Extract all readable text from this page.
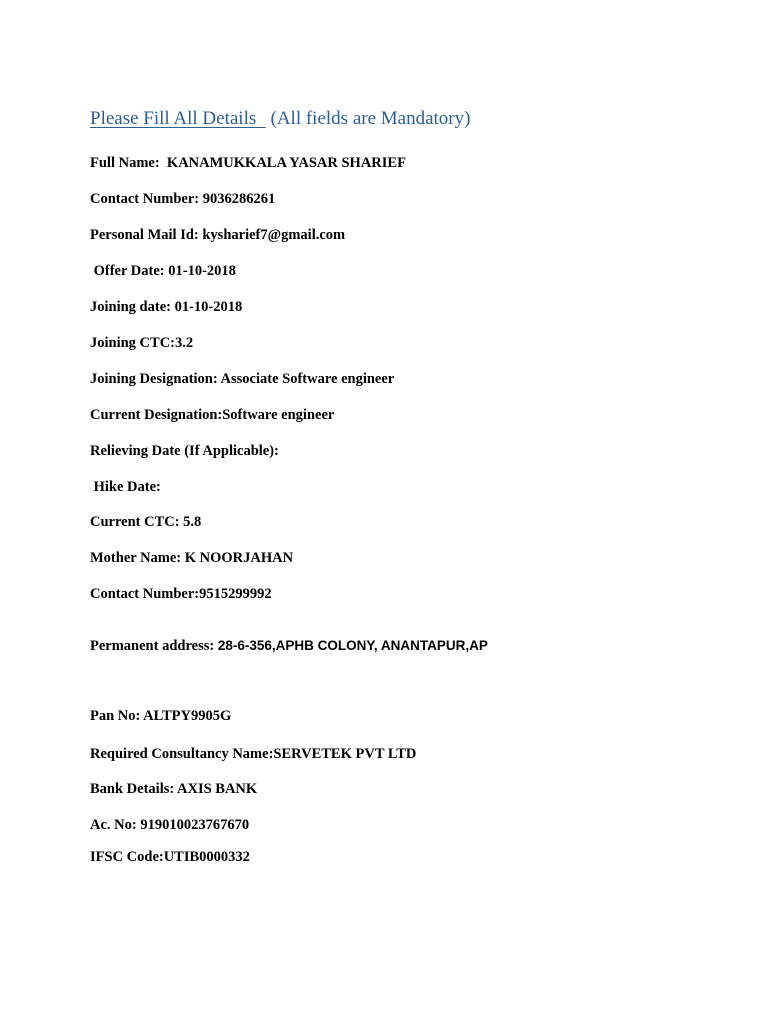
Please Fill All Details   (All fields are Mandatory)
Full Name:  KANAMUKKALA YASAR SHARIEF
Contact Number: 9036286261
Personal Mail Id: kysharief7@gmail.com
Offer Date: 01-10-2018
Joining date: 01-10-2018
Joining CTC:3.2
Joining Designation: Associate Software engineer
Current Designation:Software engineer
Relieving Date (If Applicable):
Hike Date:
Current CTC: 5.8
Mother Name: K NOORJAHAN
Contact Number:9515299992
Permanent address: 28-6-356,APHB COLONY, ANANTAPUR,AP
Pan No: ALTPY9905G
Required Consultancy Name:SERVETEK PVT LTD
Bank Details: AXIS BANK
Ac. No: 919010023767670
IFSC Code:UTIB0000332
